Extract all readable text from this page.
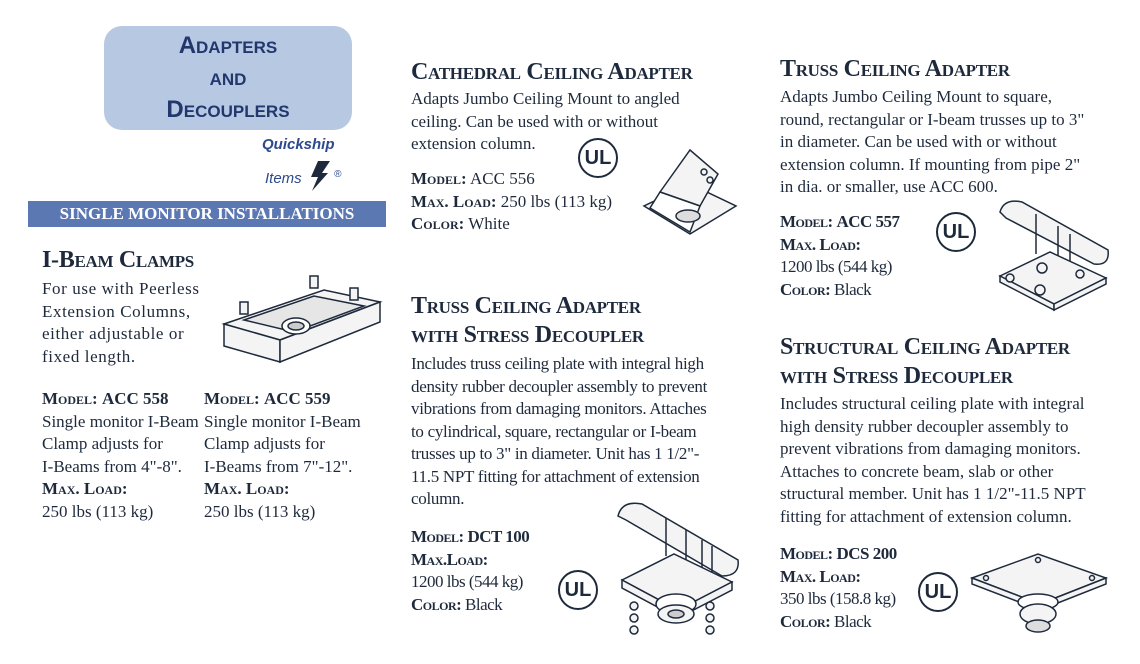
Adapters
and
Decouplers
Quickship
Items	®
SINGLE MONITOR INSTALLATIONS
I-Beam Clamps
For use with Peerless
Extension Columns,
either adjustable or
fixed length.
Model: ACC 558
Single monitor I-Beam
Clamp adjusts for
I-Beams from 4"-8".
Max. Load:
250 lbs (113 kg)
Model: ACC 559
Single monitor I-Beam
Clamp adjusts for
I-Beams from 7"-12".
Max. Load:
250 lbs (113 kg)
Cathedral Ceiling Adapter
Adapts Jumbo Ceiling Mount to angled
ceiling. Can be used with or without
extension column.
UL
Model: ACC 556
Max. Load: 250 lbs (113 kg)
Color: White
Truss Ceiling Adapter
with Stress Decoupler
Includes truss ceiling plate with integral high
density rubber decoupler assembly to prevent
vibrations from damaging monitors. Attaches
to cylindrical, square, rectangular or I-beam
trusses up to 3" in diameter. Unit has 1 1/2"-
11.5 NPT fitting for attachment of extension
column.
Model: DCT 100
Max.Load:
1200 lbs (544 kg)
Color: Black
UL
Truss Ceiling Adapter
Adapts Jumbo Ceiling Mount to square,
round, rectangular or I-beam trusses up to 3"
in diameter. Can be used with or without
extension column. If mounting from pipe 2"
in dia. or smaller, use ACC 600.
Model: ACC 557
Max. Load:
1200 lbs (544 kg)
Color: Black
UL
Structural Ceiling Adapter
with Stress Decoupler
Includes structural ceiling plate with integral
high density rubber decoupler assembly to
prevent vibrations from damaging monitors.
Attaches to concrete beam, slab or other
structural member. Unit has 1 1/2"-11.5 NPT
fitting for attachment of extension column.
Model: DCS 200
Max. Load:
350 lbs (158.8 kg)
Color: Black
UL
